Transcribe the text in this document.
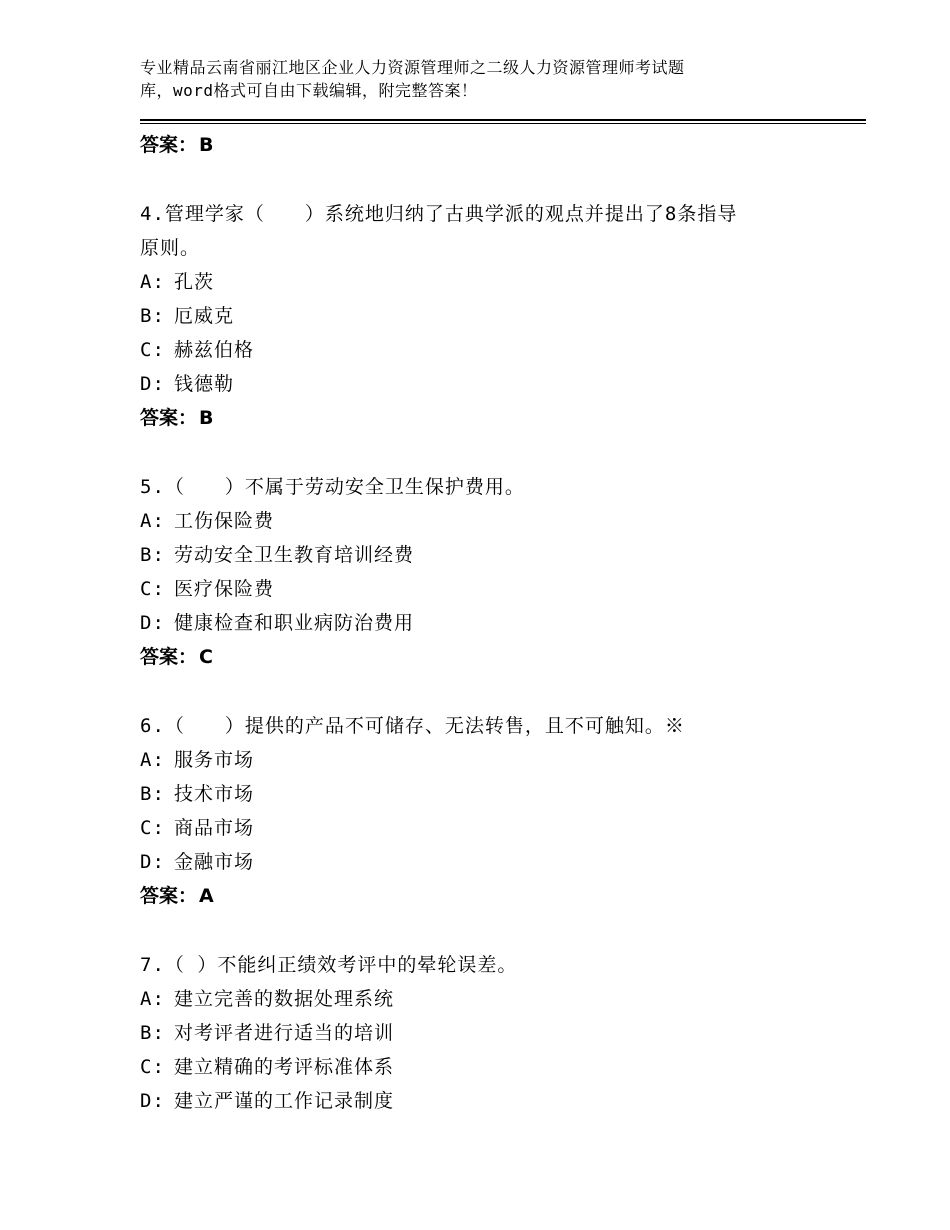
专业精品云南省丽江地区企业人力资源管理师之二级人力资源管理师考试题
库，word格式可自由下载编辑，附完整答案！
答案： B
4.管理学家（　　）系统地归纳了古典学派的观点并提出了8条指导
原则。
A: 孔茨
B: 厄威克
C: 赫兹伯格
D: 钱德勒
答案： B
5.（　　）不属于劳动安全卫生保护费用。
A: 工伤保险费
B: 劳动安全卫生教育培训经费
C: 医疗保险费
D: 健康检查和职业病防治费用
答案： C
6.（　　）提供的产品不可储存、无法转售，且不可触知。※
A: 服务市场
B: 技术市场
C: 商品市场
D: 金融市场
答案： A
7.（ ）不能纠正绩效考评中的晕轮误差。
A: 建立完善的数据处理系统
B: 对考评者进行适当的培训
C: 建立精确的考评标准体系
D: 建立严谨的工作记录制度
